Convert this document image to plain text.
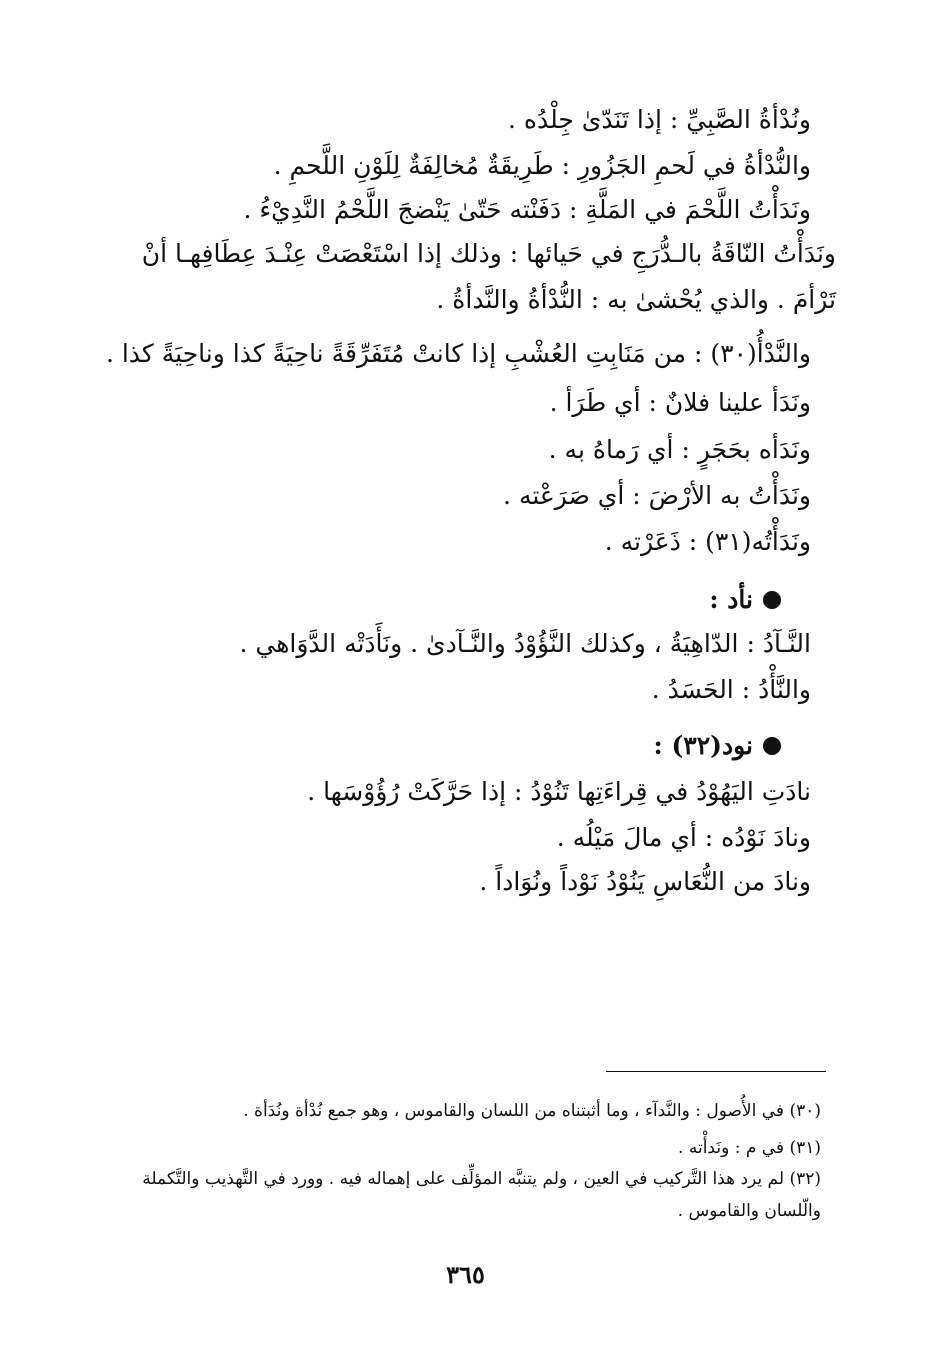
ونُدْأةُ الصَّبِيِّ : إذا تَنَدّىٰ جِلْدُه .
والنُّدْأةُ في لَحمِ الجَزُورِ : طَرِيقَةٌ مُخالِفَةٌ لِلَوْنِ اللَّحمِ .
ونَدَأْتُ اللَّحْمَ في المَلَّةِ : دَفَنْته حَتّىٰ يَنْضجَ اللَّحْمُ النَّدِيْءُ .
ونَدَأْتُ النّاقَةُ بالـدُّرَجِ في حَيائها : وذلك إذا اسْتَعْصَتْ عِنْـدَ عِطَافِهـا أنْ
تَرْأمَ . والذي يُحْشىٰ به : النُّدْأةُ والنَّدأةُ .
والنَّدْأُ(٣٠) : من مَنَابِتِ العُشْبِ إذا كانتْ مُتَفَرِّقَةً ناحِيَةً كذا وناحِيَةً كذا .
ونَدَأ علينا فلانٌ : أي طَرَأ .
ونَدَأه بحَجَرٍ : أي رَماهُ به .
ونَدَأْتُ به الأرْضَ : أي صَرَعْته .
ونَدَأْتُه(٣١) : ذَعَرْته .
نأد :
النَّـآدُ : الدّاهِيَةُ ، وكذلك النَّؤُوْدُ والنَّـآدىٰ . ونَأَدَتْه الدَّوَاهي .
والنَّأْدُ : الحَسَدُ .
نود(٣٢) :
نادَتِ اليَهُوْدُ في قِراءَتِها تَنُوْدُ : إذا حَرَّكَتْ رُؤُوْسَها .
ونادَ نَوْدُه : أي مالَ مَيْلُه .
ونادَ من النُّعَاسِ يَنُوْدُ نَوْداً ونُوَاداً .
(٣٠) في الأُصول : والنَّدآء ، وما أثبتناه من اللسان والقاموس ، وهو جمع نُدْأة ونُدَأة .
(٣١) في م : ونَدأْته .
(٣٢) لم يرد هذا التَّركيب في العين ، ولم يتنبَّه المؤلِّف على إهماله فيه . وورد في التَّهذيب والتَّكملة
والّلسان والقاموس .
٣٦٥
